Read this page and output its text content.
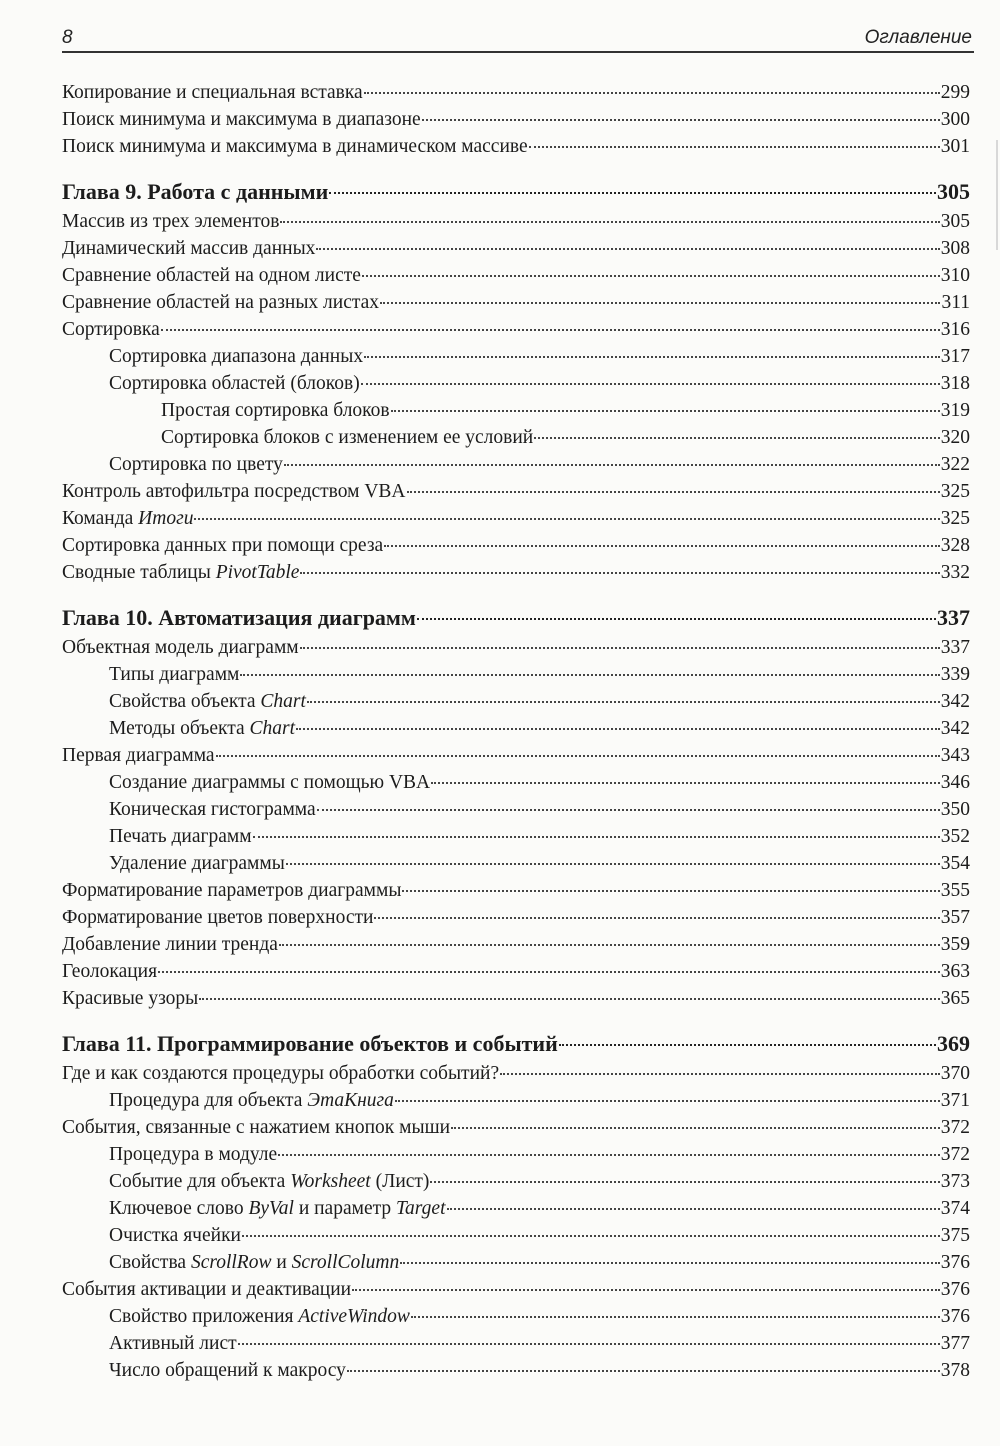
8	Оглавление
Копирование и специальная вставка	299
Поиск минимума и максимума в диапазоне	300
Поиск минимума и максимума в динамическом массиве	301
Глава 9. Работа с данными	305
Массив из трех элементов	305
Динамический массив данных	308
Сравнение областей на одном листе	310
Сравнение областей на разных листах	311
Сортировка	316
Сортировка диапазона данных	317
Сортировка областей (блоков)	318
Простая сортировка блоков	319
Сортировка блоков с изменением ее условий	320
Сортировка по цвету	322
Контроль автофильтра посредством VBA	325
Команда Итоги	325
Сортировка данных при помощи среза	328
Сводные таблицы PivotTable	332
Глава 10. Автоматизация диаграмм	337
Объектная модель диаграмм	337
Типы диаграмм	339
Свойства объекта Chart	342
Методы объекта Chart	342
Первая диаграмма	343
Создание диаграммы с помощью VBA	346
Коническая гистограмма	350
Печать диаграмм	352
Удаление диаграммы	354
Форматирование параметров диаграммы	355
Форматирование цветов поверхности	357
Добавление линии тренда	359
Геолокация	363
Красивые узоры	365
Глава 11. Программирование объектов и событий	369
Где и как создаются процедуры обработки событий?	370
Процедура для объекта ЭтаКнига	371
События, связанные с нажатием кнопок мыши	372
Процедура в модуле	372
Событие для объекта Worksheet (Лист)	373
Ключевое слово ByVal и параметр Target	374
Очистка ячейки	375
Свойства ScrollRow и ScrollColumn	376
События активации и деактивации	376
Свойство приложения ActiveWindow	376
Активный лист	377
Число обращений к макросу	378
